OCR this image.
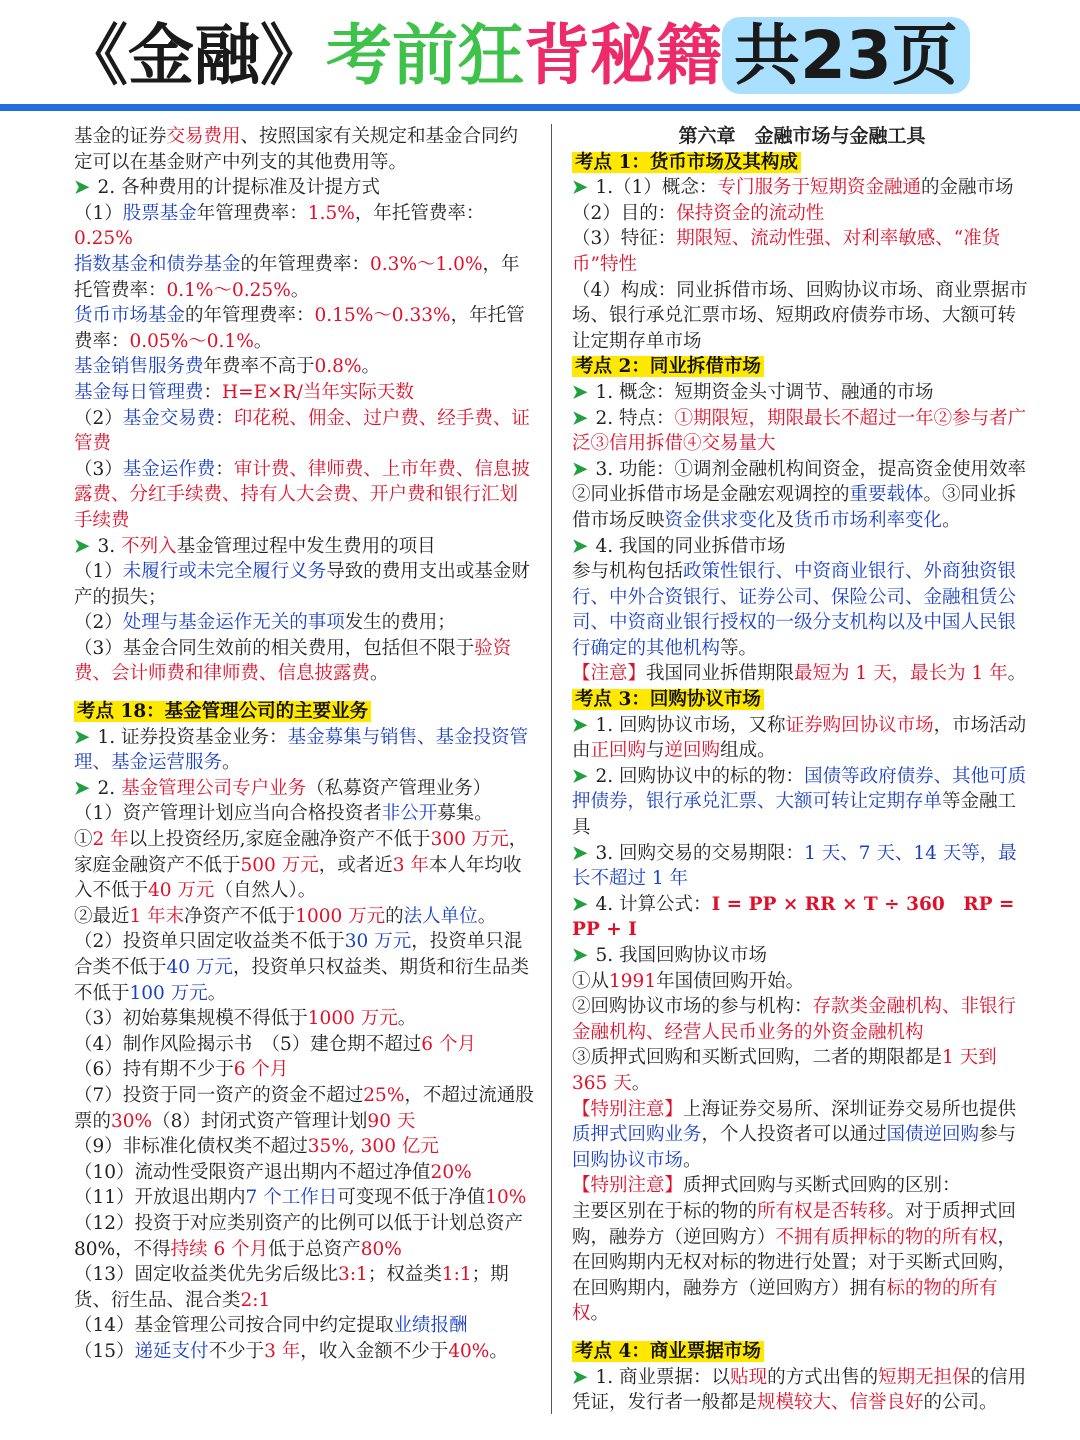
《金融》考前狂背秘籍 共23页

基金的证券交易费用、按照国家有关规定和基金合同约定可以在基金财产中列支的其他费用等。

➤ 2. 各种费用的计提标准及计提方式

（1）股票基金年管理费率：1.5%，年托管费率：0.25%

指数基金和债券基金的年管理费率：0.3%～1.0%，年托管费率：0.1%～0.25%。

货币市场基金的年管理费率：0.15%～0.33%，年托管费率：0.05%～0.1%。

基金销售服务费年费率不高于0.8%。

基金每日管理费：H=E×R/当年实际天数

（2）基金交易费：印花税、佣金、过户费、经手费、证管费

（3）基金运作费：审计费、律师费、上市年费、信息披露费、分红手续费、持有人大会费、开户费和银行汇划手续费

➤ 3. 不列入基金管理过程中发生费用的项目

（1）未履行或未完全履行义务导致的费用支出或基金财产的损失；

（2）处理与基金运作无关的事项发生的费用；

（3）基金合同生效前的相关费用，包括但不限于验资费、会计师费和律师费、信息披露费。

考点 18：基金管理公司的主要业务

➤ 1. 证券投资基金业务：基金募集与销售、基金投资管理、基金运营服务。

➤ 2. 基金管理公司专户业务（私募资产管理业务）

（1）资产管理计划应当向合格投资者非公开募集。

①2 年以上投资经历,家庭金融净资产不低于300 万元，家庭金融资产不低于500 万元，或者近3 年本人年均收入不低于40 万元（自然人）。

②最近1 年末净资产不低于1000 万元的法人单位。

（2）投资单只固定收益类不低于30 万元，投资单只混合类不低于40 万元，投资单只权益类、期货和衍生品类不低于100 万元。

（3）初始募集规模不得低于1000 万元。

（4）制作风险揭示书　（5）建仓期不超过6 个月

（6）持有期不少于6 个月

（7）投资于同一资产的资金不超过25%，不超过流通股票的30%（8）封闭式资产管理计划90 天

（9）非标准化债权类不超过35%, 300 亿元

（10）流动性受限资产退出期内不超过净值20%

（11）开放退出期内7 个工作日可变现不低于净值10%

（12）投资于对应类别资产的比例可以低于计划总资产 80%，不得持续 6 个月低于总资产80%

（13）固定收益类优先劣后级比3:1；权益类1:1；期货、衍生品、混合类2:1

（14）基金管理公司按合同中约定提取业绩报酬

（15）递延支付不少于3 年，收入金额不少于40%。

第六章　金融市场与金融工具

考点 1：货币市场及其构成

➤ 1.（1）概念：专门服务于短期资金融通的金融市场

（2）目的：保持资金的流动性

（3）特征：期限短、流动性强、对利率敏感、“准货币”特性

（4）构成：同业拆借市场、回购协议市场、商业票据市场、银行承兑汇票市场、短期政府债券市场、大额可转让定期存单市场

考点 2：同业拆借市场

➤ 1. 概念：短期资金头寸调节、融通的市场

➤ 2. 特点：①期限短，期限最长不超过一年②参与者广泛③信用拆借④交易量大

➤ 3. 功能：①调剂金融机构间资金，提高资金使用效率②同业拆借市场是金融宏观调控的重要载体。③同业拆借市场反映资金供求变化及货币市场利率变化。

➤ 4. 我国的同业拆借市场

参与机构包括政策性银行、中资商业银行、外商独资银行、中外合资银行、证券公司、保险公司、金融租赁公司、中资商业银行授权的一级分支机构以及中国人民银行确定的其他机构等。

【注意】我国同业拆借期限最短为 1 天，最长为 1 年。

考点 3：回购协议市场

➤ 1. 回购协议市场，又称证券购回协议市场，市场活动由正回购与逆回购组成。

➤ 2. 回购协议中的标的物：国债等政府债券、其他可质押债券，银行承兑汇票、大额可转让定期存单等金融工具

➤ 3. 回购交易的交易期限：1 天、7 天、14 天等，最长不超过 1 年

➤ 4. 计算公式：I = PP × RR × T ÷ 360　RP = PP + I

➤ 5. 我国回购协议市场

①从1991年国债回购开始。

②回购协议市场的参与机构：存款类金融机构、非银行金融机构、经营人民币业务的外资金融机构

③质押式回购和买断式回购，二者的期限都是1 天到 365 天。

【特别注意】上海证券交易所、深圳证券交易所也提供质押式回购业务，个人投资者可以通过国债逆回购参与回购协议市场。

【特别注意】质押式回购与买断式回购的区别：

主要区别在于标的物的所有权是否转移。对于质押式回购，融券方（逆回购方）不拥有质押标的物的所有权，在回购期内无权对标的物进行处置；对于买断式回购，在回购期内，融券方（逆回购方）拥有标的物的所有权。

考点 4：商业票据市场

➤ 1. 商业票据：以贴现的方式出售的短期无担保的信用凭证，发行者一般都是规模较大、信誉良好的公司。
